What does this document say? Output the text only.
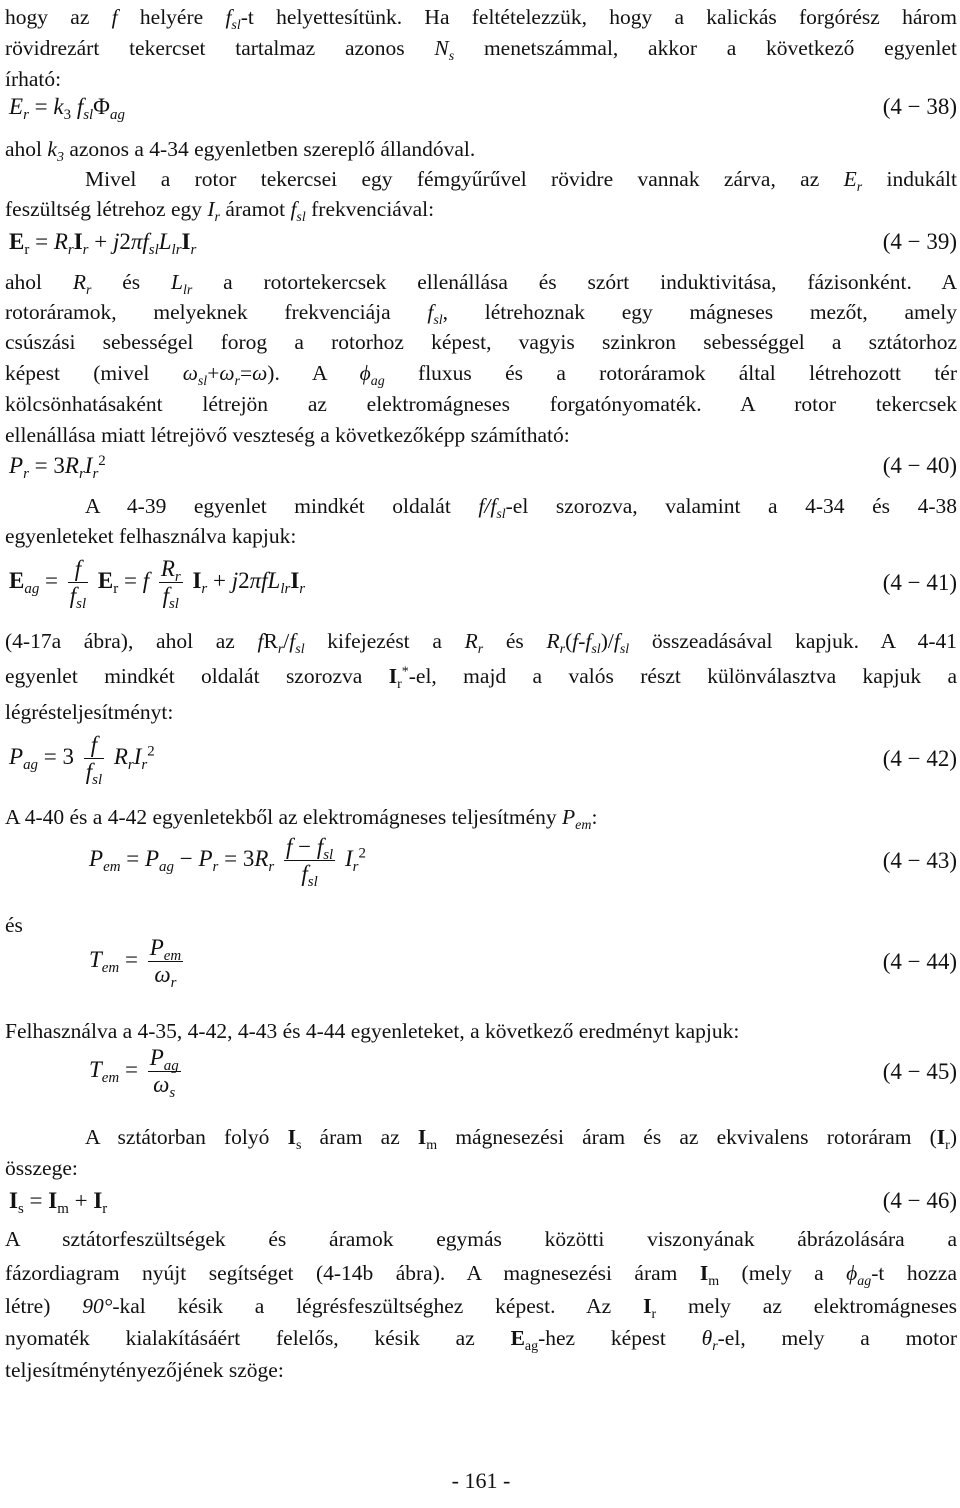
hogy az f helyére $f_{sl}-t$ helyettesítünk. Ha feltételezzük, hogy a kalickás forgórész három
rövidrezárt tekercset tartalmaz azonos $N_s$ menetszámmal, akkor a következő egyenlet
írható:
$E_r = k_3$ $f_{sl}\Phi_{ag}$	(4 − 38)
ahol $k_3$ azonos a 4-34 egyenletben szereplő állandóval.
Mivel a rotor tekercsei egy fémgyűrűvel rövidre vannak zárva, az $E_r$ indukált
feszültség létrehoz egy $I_r$ áramot $f_{sl}$ frekvenciával:
$E_r = R_rI_r + j2\pi f_{sl}L_{lr}I_r$	(4 − 39)
ahol $R_r$ és $L_{lr}$ a rotortekercsek ellenállása és szórt induktivitása, fázisonként. A
rotoráramok, melyeknek frekvenciája $f_{sl}$, létrehoznak egy mágneses mezőt, amely
csúszási sebességel forog a rotorhoz képest, vagyis szinkron sebességgel a sztátorhoz
képest (mivel $\omega_{sl}+\omega_r=\omega$). A $\phi_{ag}$ fluxus és a rotoráramok által létrehozott tér
kölcsönhatásaként létrejön az elektromágneses forgatónyomaték. A rotor tekercsek
ellenállása miatt létrejövő veszteség a következőképp számítható:
$P_r = 3R_rI_r^2$	(4 − 40)
A 4-39 egyenlet mindkét oldalát $f/f_{sl}-el$ szorozva, valamint a 4-34 és 4-38
egyenleteket felhasználva kapjuk:
$E_{ag} = \frac{f}{f_{sl}} E_r = f \frac{R_r}{f_{sl}} I_r + j2\pi fL_{lr}I_r$	(4 − 41)
(4-17a ábra), ahol az $fR_r/f_{sl}$ kifejezést a $R_r$ és $R_r(f-f_{sl})/f_{sl}$ összeadásával kapjuk. A 4-41
egyenlet mindkét oldalát szorozva $I_r^*-el$, majd a valós részt különválasztva kapjuk a
légrésteljesítményt:
$P_{ag} = 3 \frac{f}{f_{sl}} R_rI_r^2$	(4 − 42)
A 4-40 és a 4-42 egyenletekből az elektromágneses teljesítmény $P_{em}$:
$P_{em} = P_{ag} - P_r = 3R_r \frac{f - f_{sl}}{f_{sl}} I_r^2$	(4 − 43)
és
$T_{em} = \frac{P_{em}}{\omega_r}$	(4 − 44)
Felhasználva a 4-35, 4-42, 4-43 és 4-44 egyenleteket, a következő eredményt kapjuk:
$T_{em} = \frac{P_{ag}}{\omega_s}$	(4 − 45)
A sztátorban folyó $I_s$ áram az $I_m$ mágnesezési áram és az ekvivalens rotoráram $(I_r)$
összege:
$I_s = I_m + I_r$	(4 − 46)
A sztátorfeszültségek és áramok egymás közötti viszonyának ábrázolására a
fázordiagram nyújt segítséget (4-14b ábra). A magnesezési áram $I_m$ (mely a $\phi_{ag}-t$ hozza
létre) 90°-kal késik a légrésfeszültséghez képest. Az $I_r$ mely az elektromágneses
nyomaték kialakításáért felelős, késik az $E_{ag}$-hez képest $\theta_r-el$, mely a motor
teljesítménytényezőjének szöge:
- 161 -
